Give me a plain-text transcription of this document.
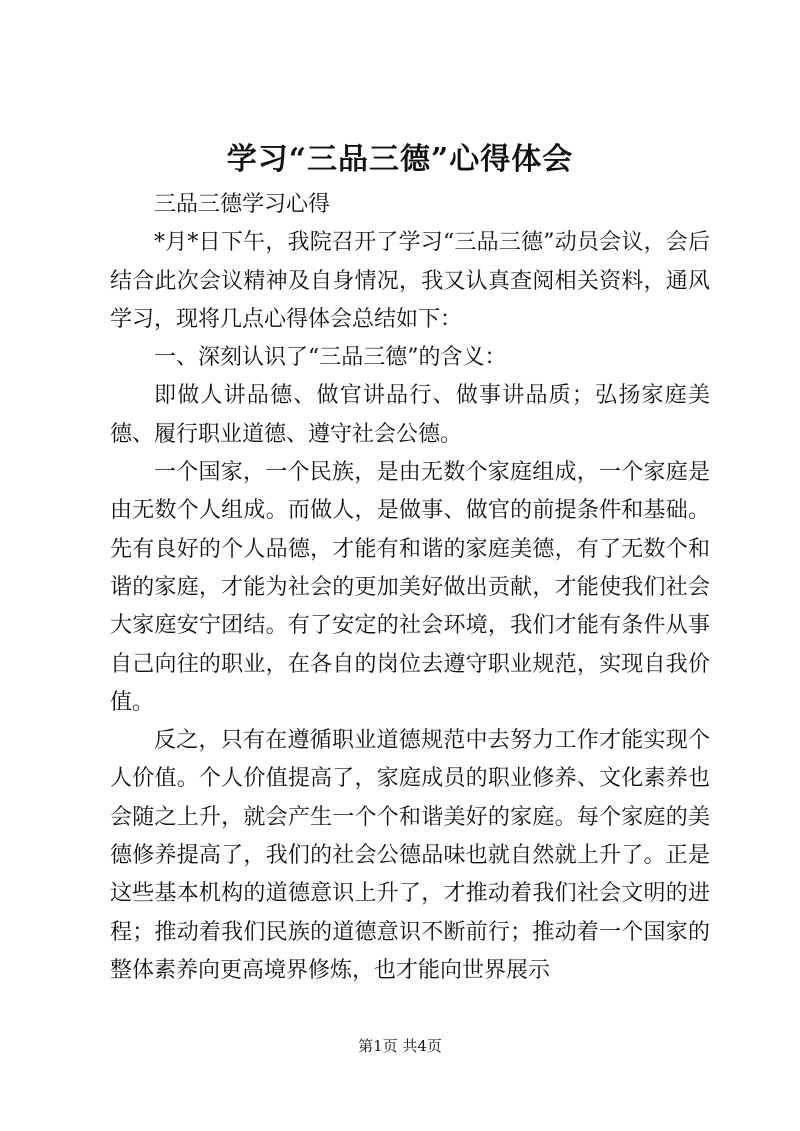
学习“三品三德”心得体会

三品三德学习心得

*月*日下午，我院召开了学习“三品三德”动员会议，会后结合此次会议精神及自身情况，我又认真查阅相关资料，通风学习，现将几点心得体会总结如下：

一、深刻认识了“三品三德”的含义：

即做人讲品德、做官讲品行、做事讲品质；弘扬家庭美德、履行职业道德、遵守社会公德。

一个国家，一个民族，是由无数个家庭组成，一个家庭是由无数个人组成。而做人，是做事、做官的前提条件和基础。先有良好的个人品德，才能有和谐的家庭美德，有了无数个和谐的家庭，才能为社会的更加美好做出贡献，才能使我们社会大家庭安宁团结。有了安定的社会环境，我们才能有条件从事自己向往的职业，在各自的岗位去遵守职业规范，实现自我价值。

反之，只有在遵循职业道德规范中去努力工作才能实现个人价值。个人价值提高了，家庭成员的职业修养、文化素养也会随之上升，就会产生一个个和谐美好的家庭。每个家庭的美德修养提高了，我们的社会公德品味也就自然就上升了。正是这些基本机构的道德意识上升了，才推动着我们社会文明的进程；推动着我们民族的道德意识不断前行；推动着一个国家的整体素养向更高境界修炼，也才能向世界展示

第1页 共4页
